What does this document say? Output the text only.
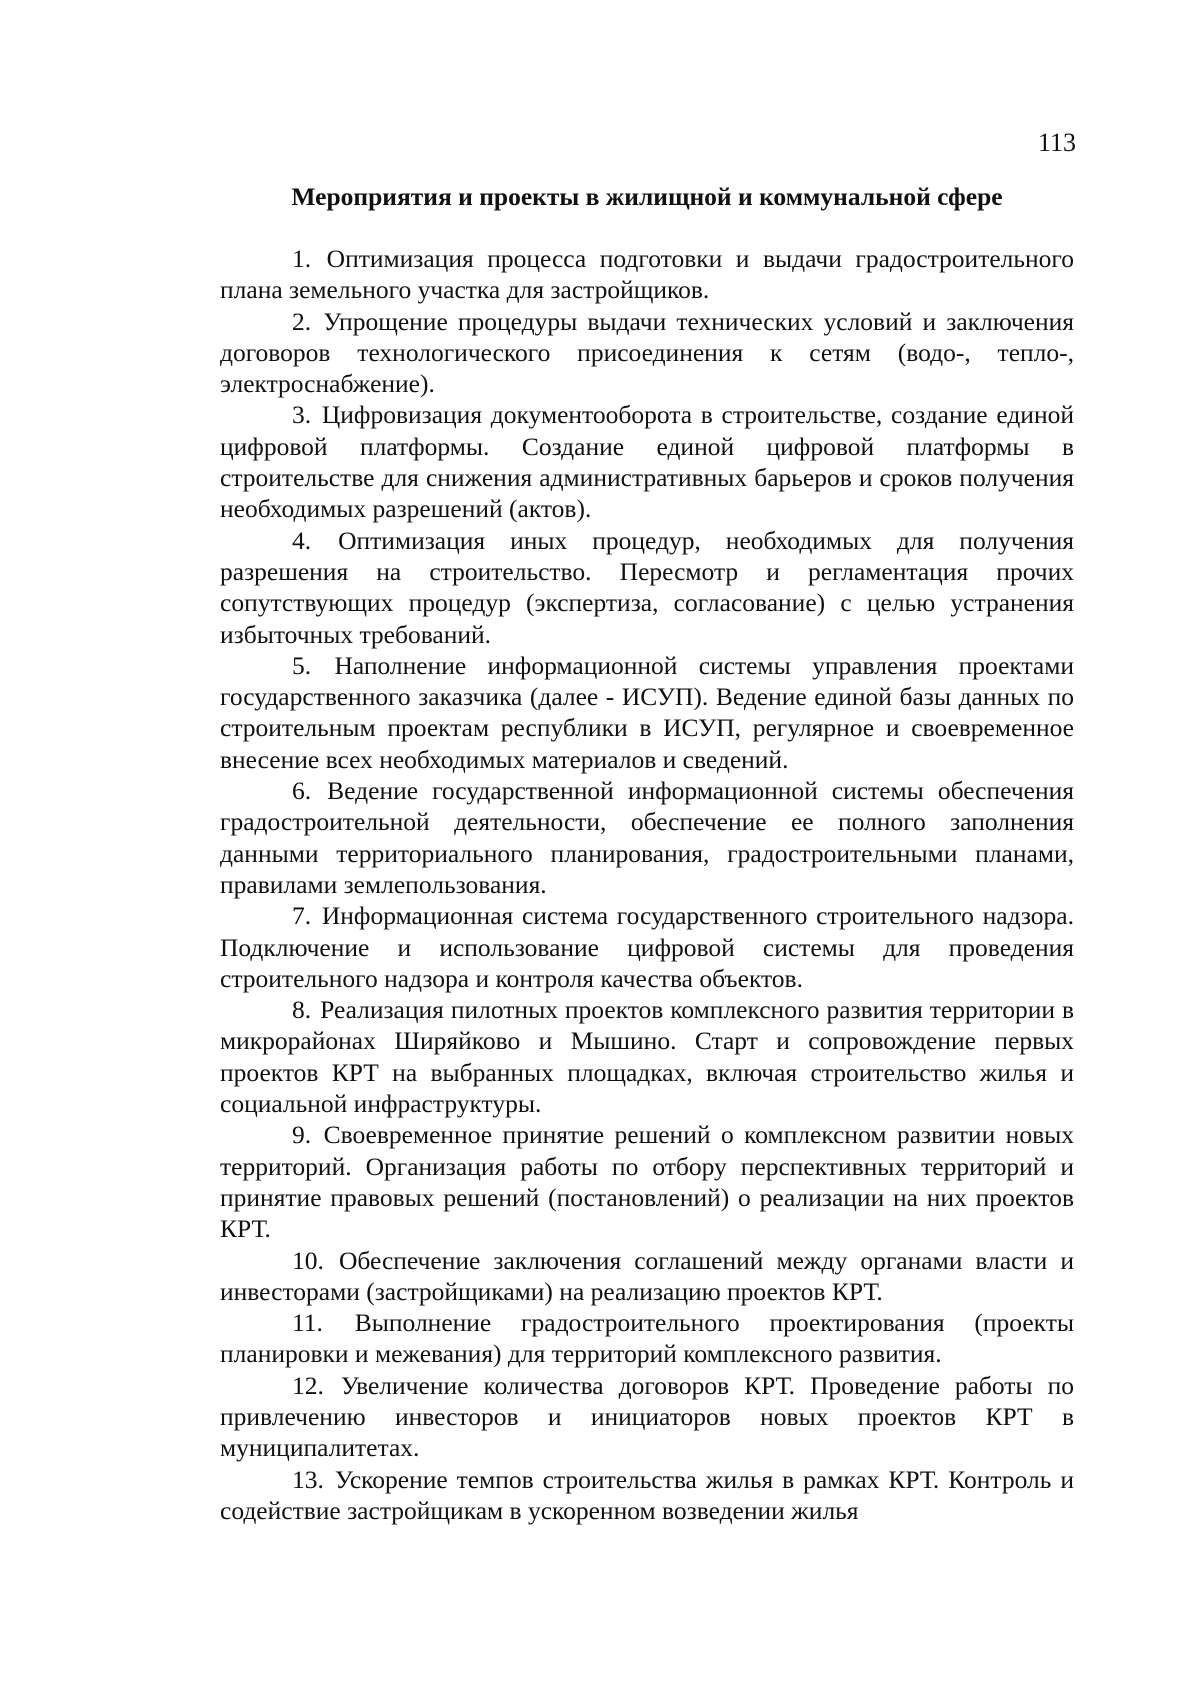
113
Мероприятия и проекты в жилищной и коммунальной сфере

1. Оптимизация процесса подготовки и выдачи градостроительного плана земельного участка для застройщиков.

2. Упрощение процедуры выдачи технических условий и заключения договоров технологического присоединения к сетям (водо-, тепло-, электроснабжение).

3. Цифровизация документооборота в строительстве, создание единой цифровой платформы. Создание единой цифровой платформы в строительстве для снижения административных барьеров и сроков получения необходимых разрешений (актов).

4. Оптимизация иных процедур, необходимых для получения разрешения на строительство. Пересмотр и регламентация прочих сопутствующих процедур (экспертиза, согласование) с целью устранения избыточных требований.

5. Наполнение информационной системы управления проектами государственного заказчика (далее - ИСУП). Ведение единой базы данных по строительным проектам республики в ИСУП, регулярное и своевременное внесение всех необходимых материалов и сведений.

6. Ведение государственной информационной системы обеспечения градостроительной деятельности, обеспечение ее полного заполнения данными территориального планирования, градостроительными планами, правилами землепользования.

7. Информационная система государственного строительного надзора. Подключение и использование цифровой системы для проведения строительного надзора и контроля качества объектов.

8. Реализация пилотных проектов комплексного развития территории в микрорайонах Ширяйково и Мышино. Старт и сопровождение первых проектов КРТ на выбранных площадках, включая строительство жилья и социальной инфраструктуры.

9. Своевременное принятие решений о комплексном развитии новых территорий. Организация работы по отбору перспективных территорий и принятие правовых решений (постановлений) о реализации на них проектов КРТ.

10. Обеспечение заключения соглашений между органами власти и инвесторами (застройщиками) на реализацию проектов КРТ.

11. Выполнение градостроительного проектирования (проекты планировки и межевания) для территорий комплексного развития.

12. Увеличение количества договоров КРТ. Проведение работы по привлечению инвесторов и инициаторов новых проектов КРТ в муниципалитетах.

13. Ускорение темпов строительства жилья в рамках КРТ. Контроль и содействие застройщикам в ускоренном возведении жилья
